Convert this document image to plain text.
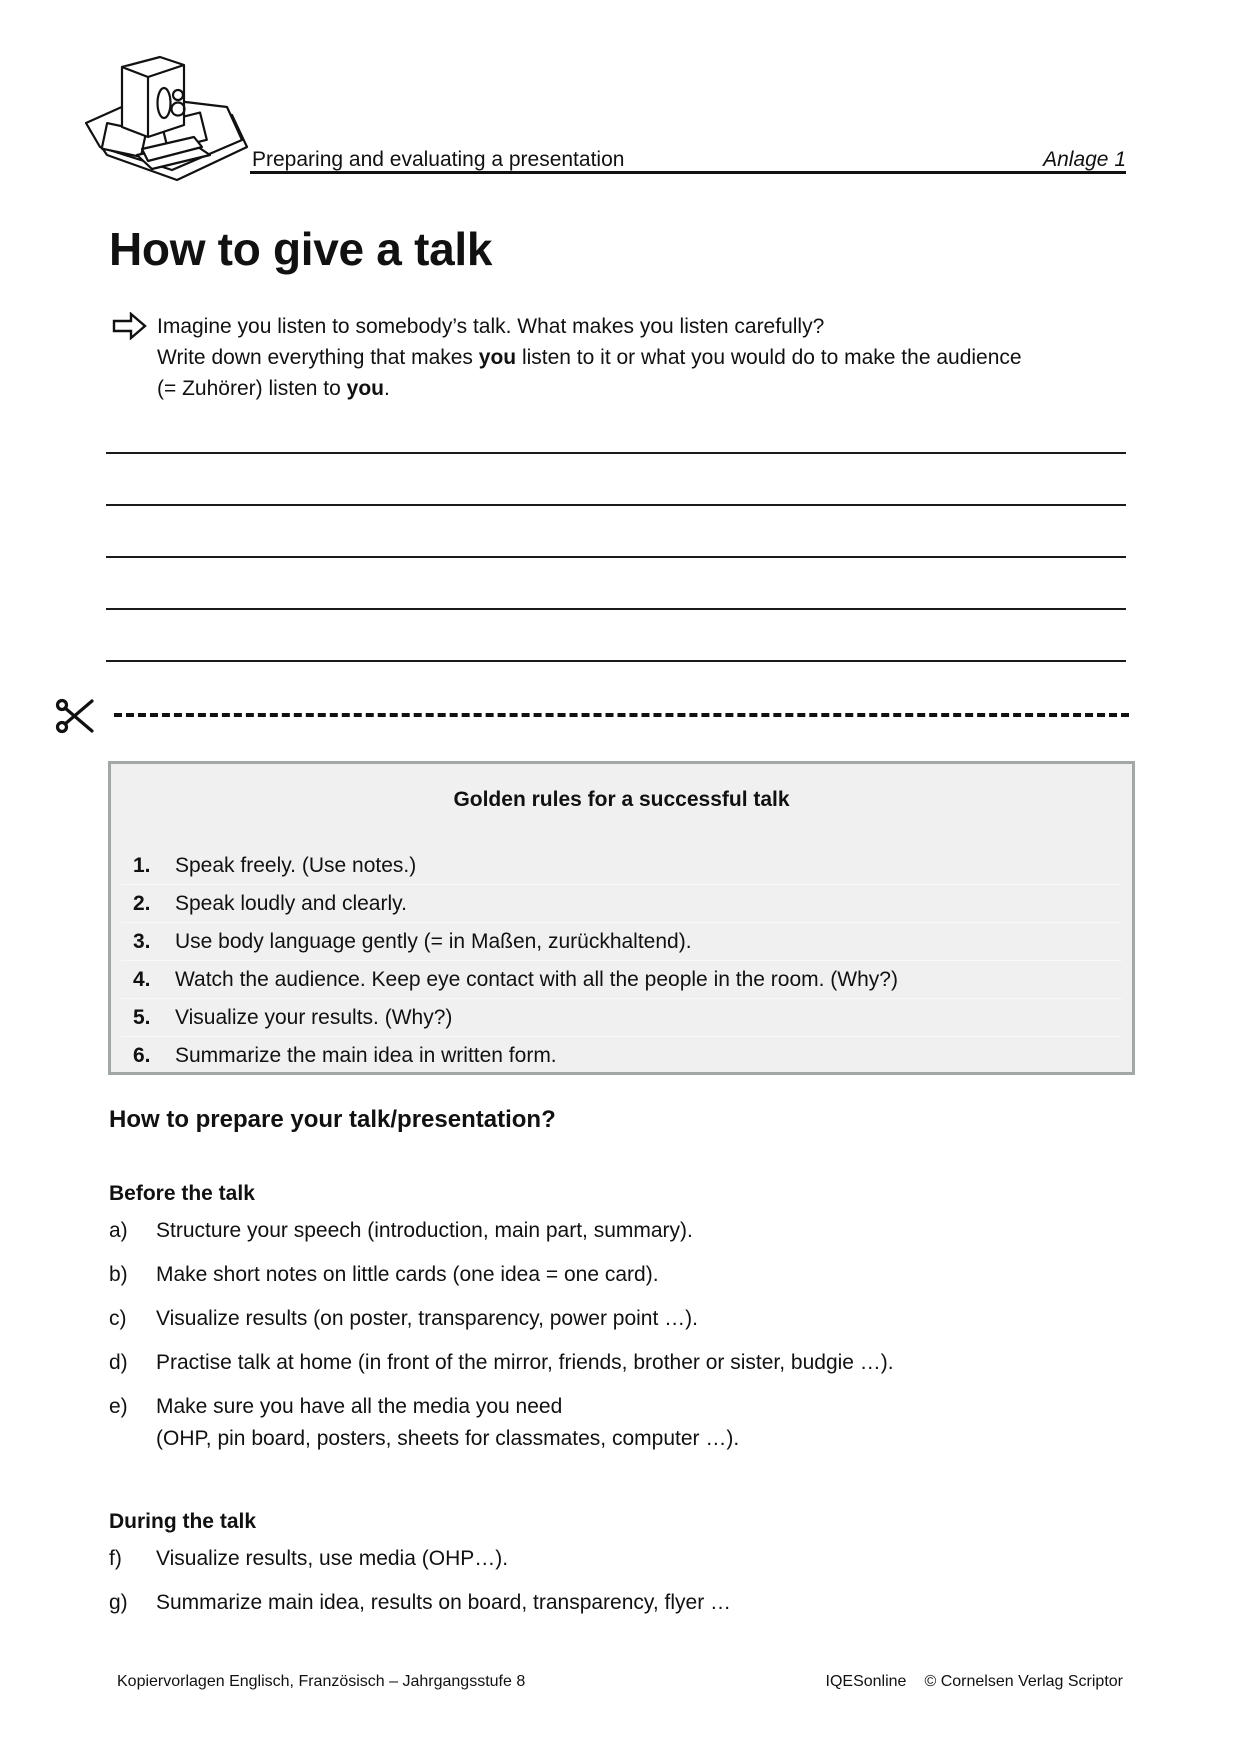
Preparing and evaluating a presentation	Anlage 1
How to give a talk
Imagine you listen to somebody’s talk. What makes you listen carefully?
Write down everything that makes you listen to it or what you would do to make the audience
(= Zuhörer) listen to you.
Golden rules for a successful talk
1. Speak freely. (Use notes.)
2. Speak loudly and clearly.
3. Use body language gently (= in Maßen, zurückhaltend).
4. Watch the audience. Keep eye contact with all the people in the room. (Why?)
5. Visualize your results. (Why?)
6. Summarize the main idea in written form.
How to prepare your talk/presentation?
Before the talk
a) Structure your speech (introduction, main part, summary).
b) Make short notes on little cards (one idea = one card).
c) Visualize results (on poster, transparency, power point …).
d) Practise talk at home (in front of the mirror, friends, brother or sister, budgie …).
e) Make sure you have all the media you need
(OHP, pin board, posters, sheets for classmates, computer …).
During the talk
f) Visualize results, use media (OHP…).
g) Summarize main idea, results on board, transparency, flyer …
Kopiervorlagen Englisch, Französisch – Jahrgangsstufe 8	IQESonline © Cornelsen Verlag Scriptor
